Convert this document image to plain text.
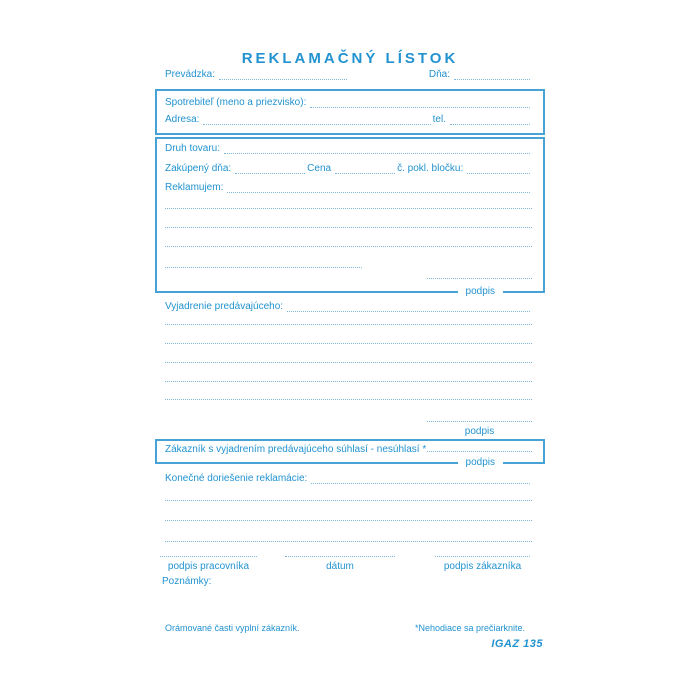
REKLAMAČNÝ LÍSTOK
Prevádzka:	Dňa:
Spotrebiteľ (meno a priezvisko):
Adresa:	tel.
Druh tovaru:
Zakúpený dňa:	Cena	č. pokl. bločku:
Reklamujem:
podpis
Vyjadrenie predávajúceho:
podpis
Zákazník s vyjadrením predávajúceho súhlasí - nesúhlasí *
podpis
Konečné doriešenie reklamácie:
podpis pracovníka	dátum	podpis zákazníka
Poznámky:
Orámované časti vyplní zákazník.	*Nehodiace sa prečiarknite.
IGAZ 135
